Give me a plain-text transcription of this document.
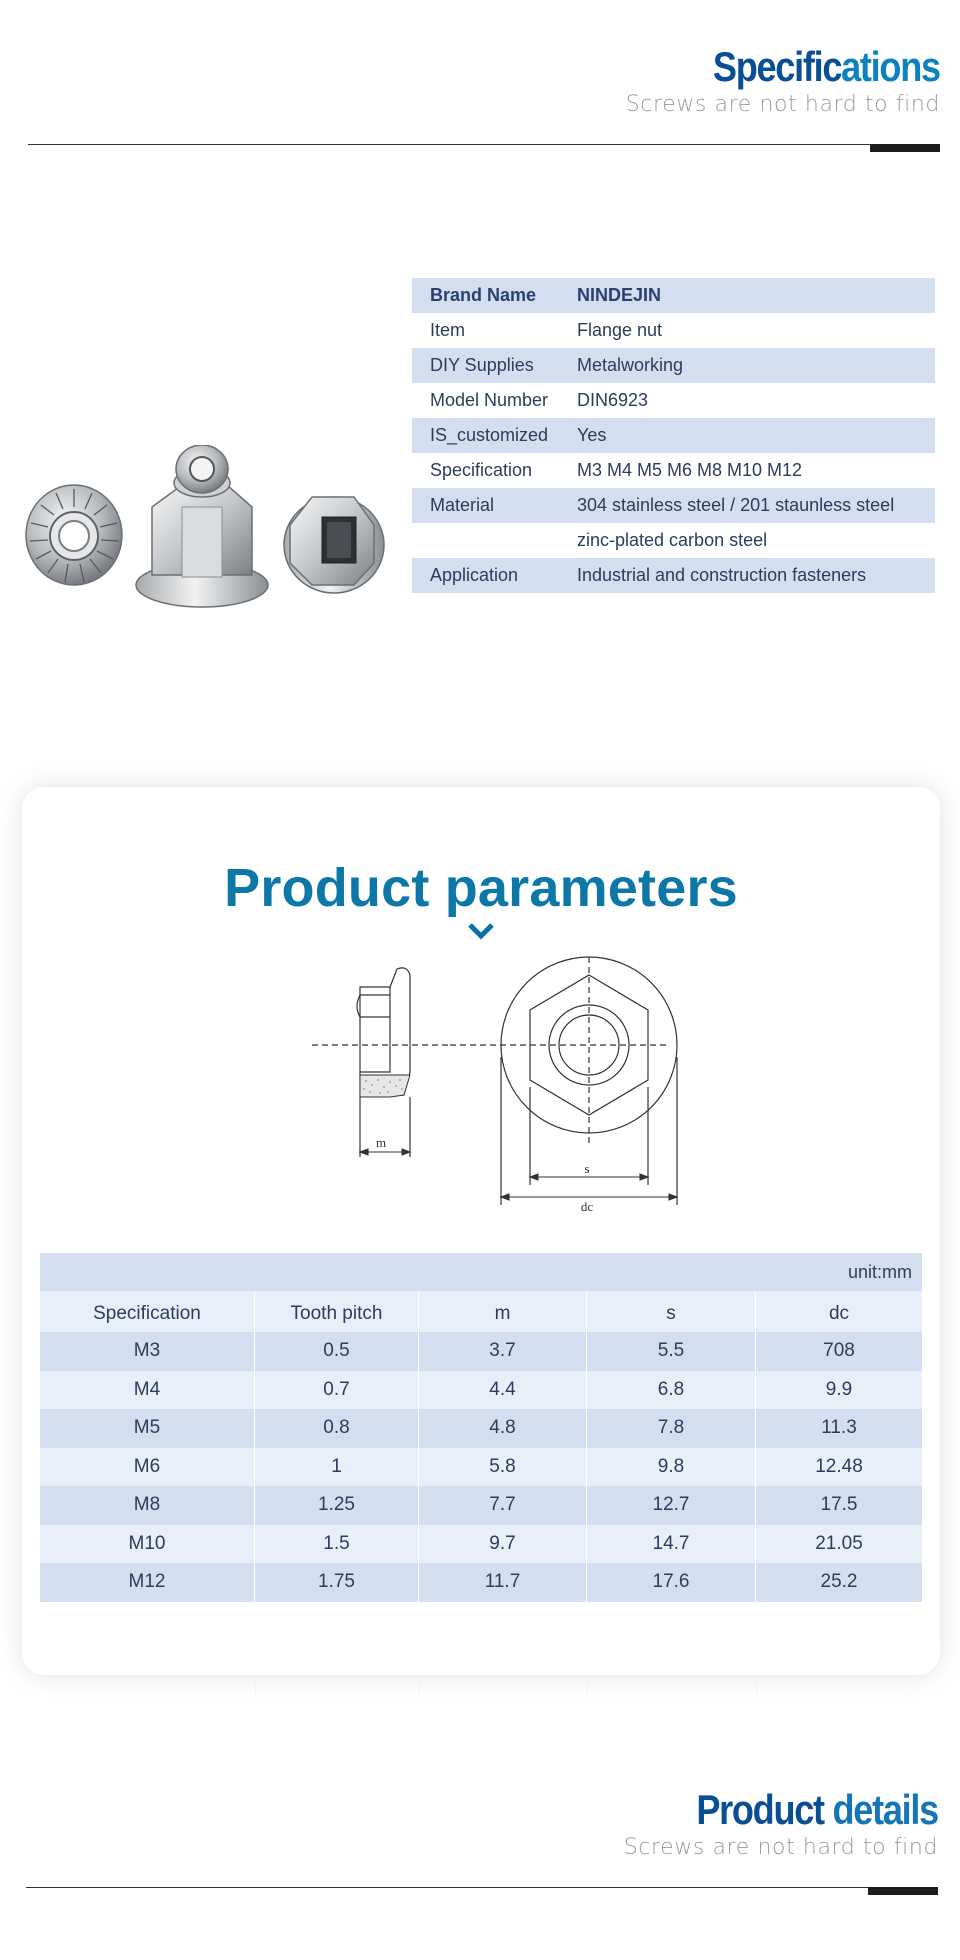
Specifications
Screws are not hard to find
Brand Name	NINDEJIN
Item	Flange nut
DIY Supplies	Metalworking
Model Number	DIN6923
IS_customized	Yes
Specification	M3 M4 M5 M6 M8 M10 M12
Material	304 stainless steel / 201 staunless steel
zinc-plated carbon steel
Application	Industrial and construction fasteners
Product parameters
m
s
dc
unit:mm
Specification	Tooth pitch	m	s	dc
M3	0.5	3.7	5.5	708
M4	0.7	4.4	6.8	9.9
M5	0.8	4.8	7.8	11.3
M6	1	5.8	9.8	12.48
M8	1.25	7.7	12.7	17.5
M10	1.5	9.7	14.7	21.05
M12	1.75	11.7	17.6	25.2
Product details
Screws are not hard to find
